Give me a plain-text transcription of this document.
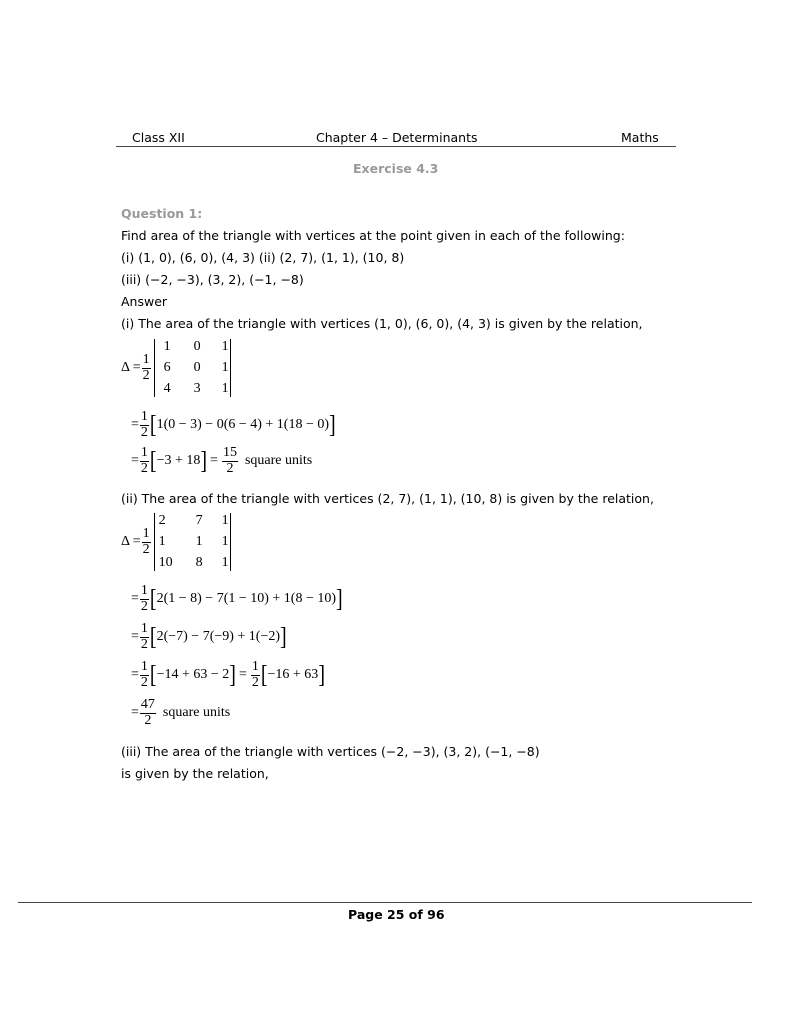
Class XII	Chapter 4 – Determinants	Maths
Exercise 4.3
Question 1:
Find area of the triangle with vertices at the point given in each of the following:
(i) (1, 0), (6, 0), (4, 3) (ii) (2, 7), (1, 1), (10, 8)
(iii) (−2, −3), (3, 2), (−1, −8)
Answer
(i) The area of the triangle with vertices (1, 0), (6, 0), (4, 3) is given by the relation,
$\Delta = \frac{1}{2}$
1	0 1
6	0 1
4	3 1
= $\frac{1}{2}$ [ 1(0 − 3) − 0(6 − 4) + 1(18 − 0) ]
= $\frac{1}{2}$ [ −3 + 18 ] = $\frac{15}{2}$ square units
(ii) The area of the triangle with vertices (2, 7), (1, 1), (10, 8) is given by the relation,
$\Delta = \frac{1}{2}$
2	7 1
1	1 1
10	8 1
= $\frac{1}{2}$ [ 2(1 − 8) − 7(1 − 10) + 1(8 − 10) ]
= $\frac{1}{2}$ [ 2(−7) − 7(−9) + 1(−2) ]
= $\frac{1}{2}$ [ −14 + 63 − 2 ] = $\frac{1}{2}$ [ −16 + 63 ]
= $\frac{47}{2}$ square units
(iii) The area of the triangle with vertices (−2, −3), (3, 2), (−1, −8)
is given by the relation,
Page 25 of 96
